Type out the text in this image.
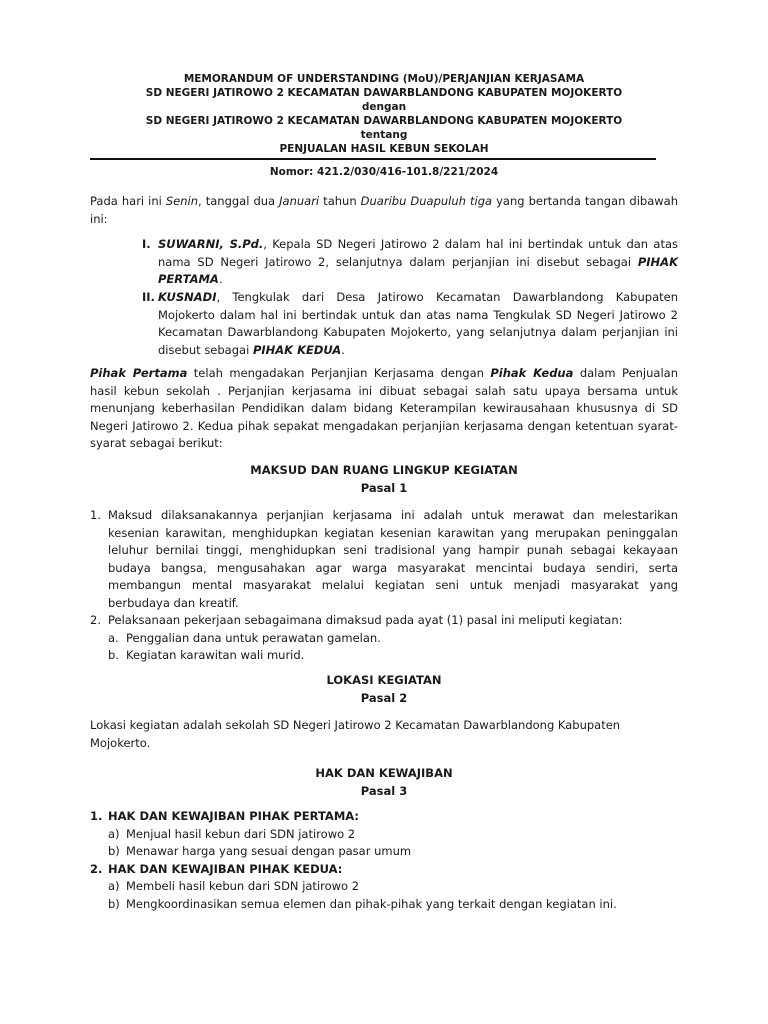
MEMORANDUM OF UNDERSTANDING (MoU)/PERJANJIAN KERJASAMA
SD NEGERI JATIROWO 2 KECAMATAN DAWARBLANDONG KABUPATEN MOJOKERTO
dengan
SD NEGERI JATIROWO 2 KECAMATAN DAWARBLANDONG KABUPATEN MOJOKERTO
tentang
PENJUALAN HASIL KEBUN SEKOLAH
Nomor: 421.2/030/416-101.8/221/2024
Pada hari ini Senin, tanggal dua Januari tahun Duaribu Duapuluh tiga yang bertanda tangan dibawah ini:
I. SUWARNI, S.Pd., Kepala SD Negeri Jatirowo 2 dalam hal ini bertindak untuk dan atas nama SD Negeri Jatirowo 2, selanjutnya dalam perjanjian ini disebut sebagai PIHAK PERTAMA.
II. KUSNADI, Tengkulak dari Desa Jatirowo Kecamatan Dawarblandong Kabupaten Mojokerto dalam hal ini bertindak untuk dan atas nama Tengkulak SD Negeri Jatirowo 2 Kecamatan Dawarblandong Kabupaten Mojokerto, yang selanjutnya dalam perjanjian ini disebut sebagai PIHAK KEDUA.
Pihak Pertama telah mengadakan Perjanjian Kerjasama dengan Pihak Kedua dalam Penjualan hasil kebun sekolah . Perjanjian kerjasama ini dibuat sebagai salah satu upaya bersama untuk menunjang keberhasilan Pendidikan dalam bidang Keterampilan kewirausahaan khususnya di SD Negeri Jatirowo 2. Kedua pihak sepakat mengadakan perjanjian kerjasama dengan ketentuan syarat-syarat sebagai berikut:
MAKSUD DAN RUANG LINGKUP KEGIATAN
Pasal 1
1. Maksud dilaksanakannya perjanjian kerjasama ini adalah untuk merawat dan melestarikan kesenian karawitan, menghidupkan kegiatan kesenian karawitan yang merupakan peninggalan leluhur bernilai tinggi, menghidupkan seni tradisional yang hampir punah sebagai kekayaan budaya bangsa, mengusahakan agar warga masyarakat mencintai budaya sendiri, serta membangun mental masyarakat melalui kegiatan seni untuk menjadi masyarakat yang berbudaya dan kreatif.
2. Pelaksanaan pekerjaan sebagaimana dimaksud pada ayat (1) pasal ini meliputi kegiatan:
a. Penggalian dana untuk perawatan gamelan.
b. Kegiatan karawitan wali murid.
LOKASI KEGIATAN
Pasal 2
Lokasi kegiatan adalah sekolah SD Negeri Jatirowo 2 Kecamatan Dawarblandong Kabupaten Mojokerto.
HAK DAN KEWAJIBAN
Pasal 3
1. HAK DAN KEWAJIBAN PIHAK PERTAMA:
a) Menjual hasil kebun dari SDN jatirowo 2
b) Menawar harga yang sesuai dengan pasar umum
2. HAK DAN KEWAJIBAN PIHAK KEDUA:
a) Membeli hasil kebun dari SDN jatirowo 2
b) Mengkoordinasikan semua elemen dan pihak-pihak yang terkait dengan kegiatan ini.
